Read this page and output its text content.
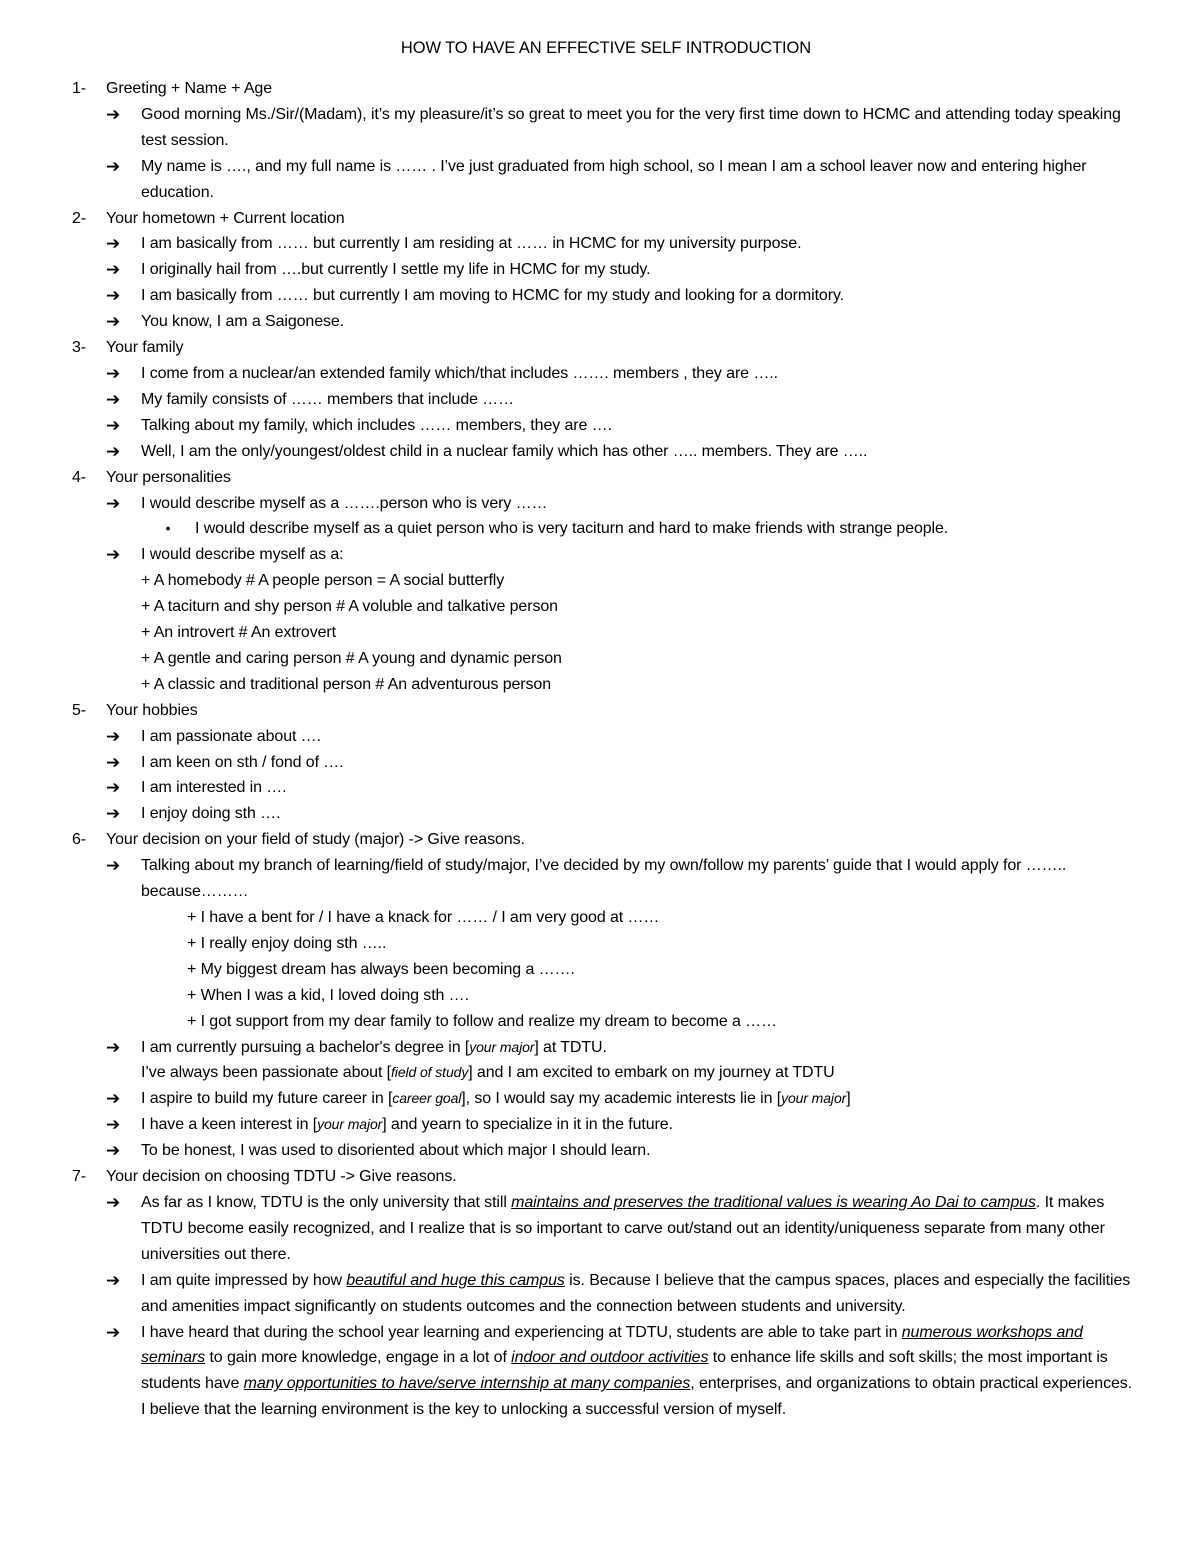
HOW TO HAVE AN EFFECTIVE SELF INTRODUCTION
1-	Greeting + Name + Age
➔	Good morning Ms./Sir/(Madam), it’s my pleasure/it’s so great to meet you for the very first time down to HCMC and attending today speaking test session.
➔	My name is …., and my full name is …… . I’ve just graduated from high school, so I mean I am a school leaver now and entering higher education.
2-	Your hometown + Current location
➔	I am basically from …… but currently I am residing at …… in HCMC for my university purpose.
➔	I originally hail from ….but currently I settle my life in HCMC for my study.
➔	I am basically from …… but currently I am moving to HCMC for my study and looking for a dormitory.
➔	You know, I am a Saigonese.
3-	Your family
➔	I come from a nuclear/an extended family which/that includes ……. members , they are …..
➔	My family consists of …… members that include ……
➔	Talking about my family, which includes …… members, they are ….
➔	Well, I am the only/youngest/oldest child in a nuclear family which has other ….. members. They are …..
4-	Your personalities
➔	I would describe myself as a …….person who is very ……
•	I would describe myself as a quiet person who is very taciturn and hard to make friends with strange people.
➔	I would describe myself as a:
+ A homebody # A people person = A social butterfly
+ A taciturn and shy person # A voluble and talkative person
+ An introvert # An extrovert
+ A gentle and caring person # A young and dynamic person
+ A classic and traditional person # An adventurous person
5-	Your hobbies
➔	I am passionate about ….
➔	I am keen on sth / fond of ….
➔	I am interested in ….
➔	I enjoy doing sth ….
6-	Your decision on your field of study (major) -> Give reasons.
➔	Talking about my branch of learning/field of study/major, I’ve decided by my own/follow my parents’ guide that I would apply for …….. because………
+ I have a bent for / I have a knack for …… / I am very good at ……
+ I really enjoy doing sth …..
+ My biggest dream has always been becoming a …….
+ When I was a kid, I loved doing sth ….
+ I got support from my dear family to follow and realize my dream to become a ……
➔	I am currently pursuing a bachelor's degree in [your major] at TDTU.
I’ve always been passionate about [field of study] and I am excited to embark on my journey at TDTU
➔	I aspire to build my future career in [career goal], so I would say my academic interests lie in [your major]
➔	I have a keen interest in [your major] and yearn to specialize in it in the future.
➔	To be honest, I was used to disoriented about which major I should learn.
7-	Your decision on choosing TDTU -> Give reasons.
➔	As far as I know, TDTU is the only university that still maintains and preserves the traditional values is wearing Ao Dai to campus. It makes TDTU become easily recognized, and I realize that is so important to carve out/stand out an identity/uniqueness separate from many other universities out there.
➔	I am quite impressed by how beautiful and huge this campus is. Because I believe that the campus spaces, places and especially the facilities and amenities impact significantly on students outcomes and the connection between students and university.
➔	I have heard that during the school year learning and experiencing at TDTU, students are able to take part in numerous workshops and seminars to gain more knowledge, engage in a lot of indoor and outdoor activities to enhance life skills and soft skills; the most important is students have many opportunities to have/serve internship at many companies, enterprises, and organizations to obtain practical experiences. I believe that the learning environment is the key to unlocking a successful version of myself.
